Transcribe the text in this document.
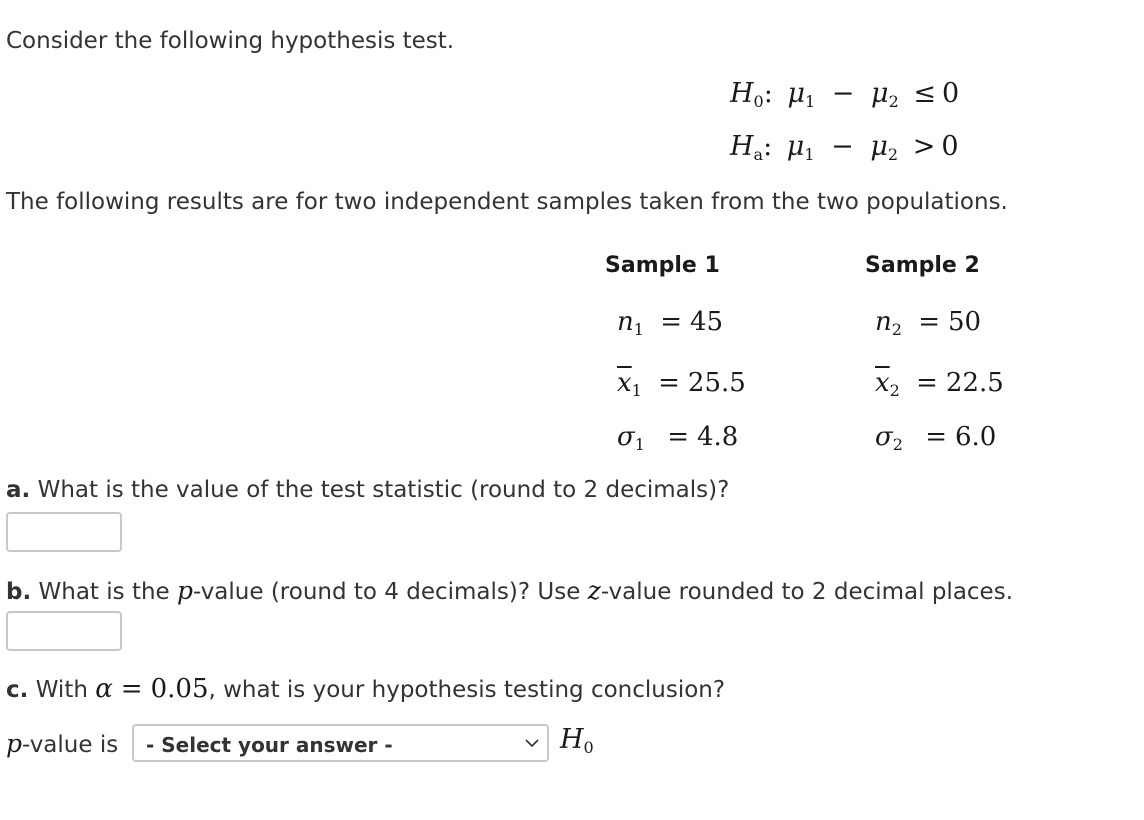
Consider the following hypothesis test.
$H_0$: $\mu_1 - \mu_2 \le 0$
$H_a$: $\mu_1 - \mu_2 > 0$
The following results are for two independent samples taken from the two populations.
Sample 1	Sample 2
$n_1 = 45$	$n_2 = 50$
$\overline{x}_1 = 25.5$	$\overline{x}_2 = 22.5$
$\sigma_1 = 4.8$	$\sigma_2 = 6.0$
a. What is the value of the test statistic (round to 2 decimals)?
b. What is the p-value (round to 4 decimals)? Use z-value rounded to 2 decimal places.
c. With α = 0.05, what is your hypothesis testing conclusion?
p-value is - Select your answer -	$H_0$
